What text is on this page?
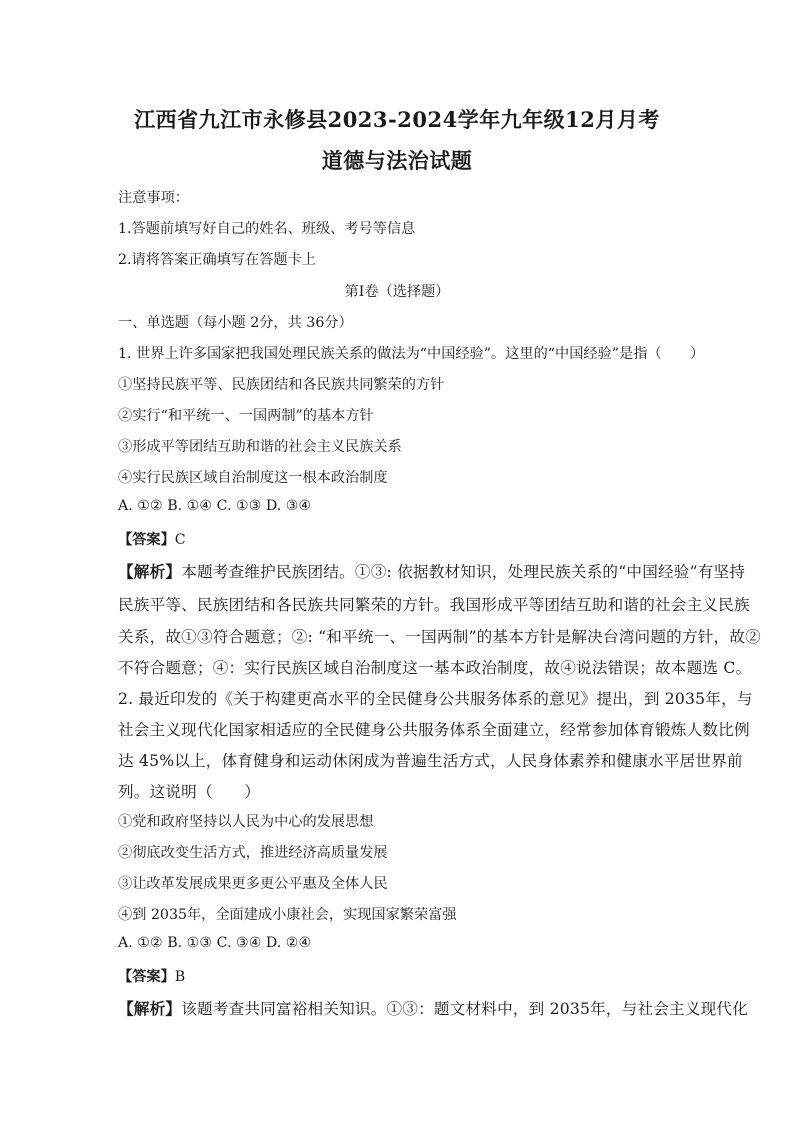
江西省九江市永修县2023-2024学年九年级12月月考
道德与法治试题
注意事项：
1.答题前填写好自己的姓名、班级、考号等信息
2.请将答案正确填写在答题卡上
第I卷（选择题）
一、单选题（每小题 2分，共 36分）
1. 世界上许多国家把我国处理民族关系的做法为“中国经验”。这里的“中国经验”是指（　　）
①坚持民族平等、民族团结和各民族共同繁荣的方针
②实行“和平统一、一国两制”的基本方针
③形成平等团结互助和谐的社会主义民族关系
④实行民族区域自治制度这一根本政治制度
A. ①② B. ①④ C. ①③ D. ③④
【答案】C
【解析】本题考查维护民族团结。①③: 依据教材知识，处理民族关系的“中国经验”有坚持
民族平等、民族团结和各民族共同繁荣的方针。我国形成平等团结互助和谐的社会主义民族
关系，故①③符合题意；②: “和平统一、一国两制”的基本方针是解决台湾问题的方针，故②
不符合题意；④：实行民族区域自治制度这一基本政治制度，故④说法错误；故本题选 C。
2. 最近印发的《关于构建更高水平的全民健身公共服务体系的意见》提出，到 2035年，与
社会主义现代化国家相适应的全民健身公共服务体系全面建立，经常参加体育锻炼人数比例
达 45%以上，体育健身和运动休闲成为普遍生活方式，人民身体素养和健康水平居世界前
列。这说明（　　）
①党和政府坚持以人民为中心的发展思想
②彻底改变生活方式，推进经济高质量发展
③让改革发展成果更多更公平惠及全体人民
④到 2035年，全面建成小康社会，实现国家繁荣富强
A. ①② B. ①③ C. ③④ D. ②④
【答案】B
【解析】该题考查共同富裕相关知识。①③：题文材料中，到 2035年，与社会主义现代化
